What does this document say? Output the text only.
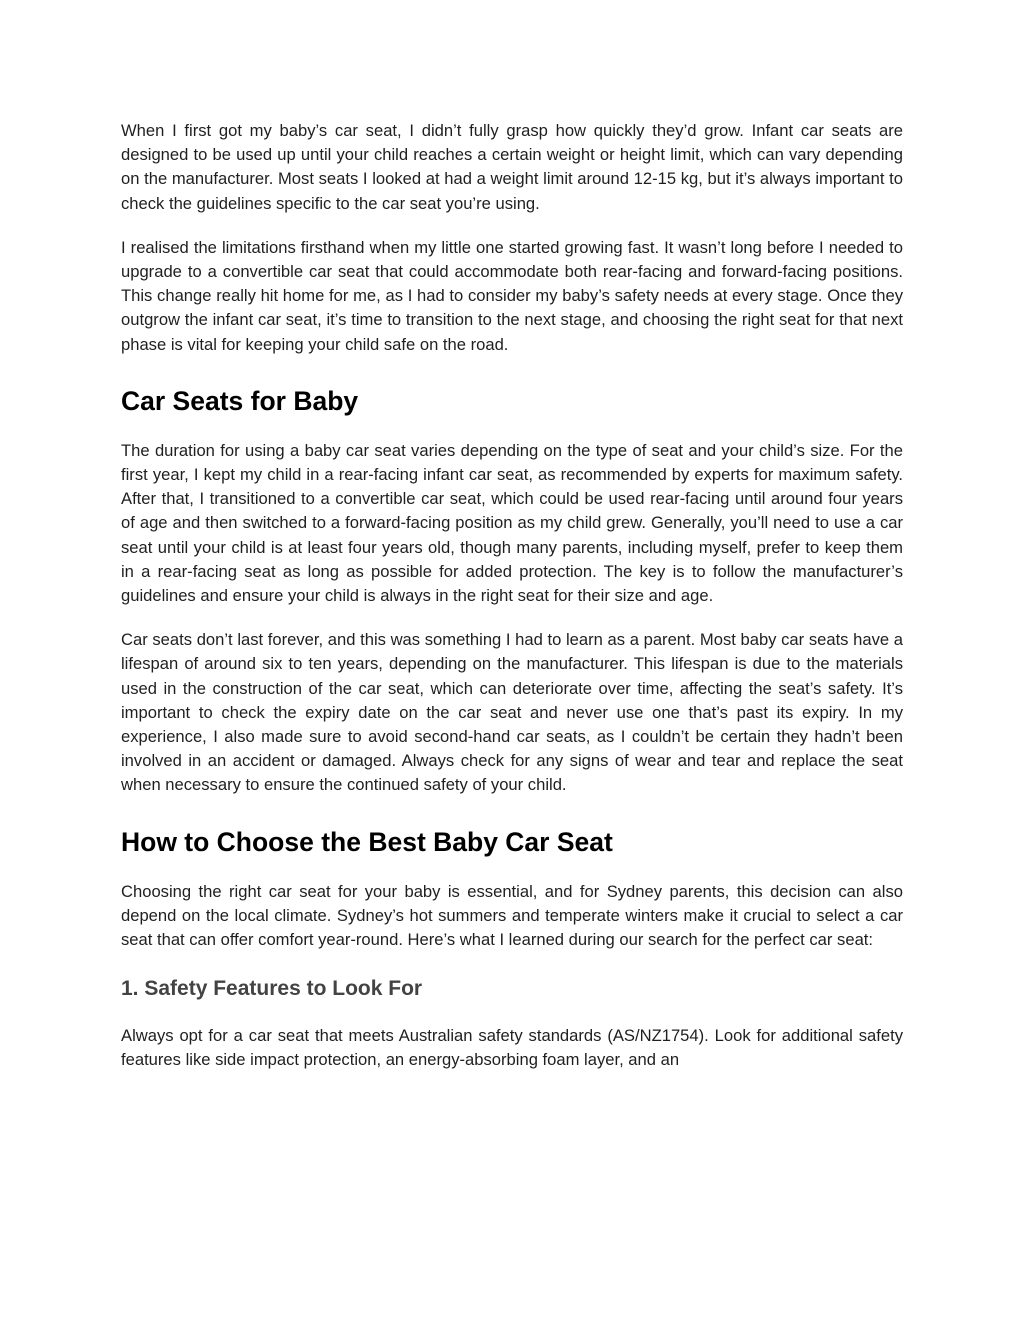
When I first got my baby’s car seat, I didn’t fully grasp how quickly they’d grow. Infant car seats are designed to be used up until your child reaches a certain weight or height limit, which can vary depending on the manufacturer. Most seats I looked at had a weight limit around 12-15 kg, but it’s always important to check the guidelines specific to the car seat you’re using.

I realised the limitations firsthand when my little one started growing fast. It wasn’t long before I needed to upgrade to a convertible car seat that could accommodate both rear-facing and forward-facing positions. This change really hit home for me, as I had to consider my baby’s safety needs at every stage. Once they outgrow the infant car seat, it’s time to transition to the next stage, and choosing the right seat for that next phase is vital for keeping your child safe on the road.

Car Seats for Baby

The duration for using a baby car seat varies depending on the type of seat and your child’s size. For the first year, I kept my child in a rear-facing infant car seat, as recommended by experts for maximum safety. After that, I transitioned to a convertible car seat, which could be used rear-facing until around four years of age and then switched to a forward-facing position as my child grew. Generally, you’ll need to use a car seat until your child is at least four years old, though many parents, including myself, prefer to keep them in a rear-facing seat as long as possible for added protection. The key is to follow the manufacturer’s guidelines and ensure your child is always in the right seat for their size and age.

Car seats don’t last forever, and this was something I had to learn as a parent. Most baby car seats have a lifespan of around six to ten years, depending on the manufacturer. This lifespan is due to the materials used in the construction of the car seat, which can deteriorate over time, affecting the seat’s safety. It’s important to check the expiry date on the car seat and never use one that’s past its expiry. In my experience, I also made sure to avoid second-hand car seats, as I couldn’t be certain they hadn’t been involved in an accident or damaged. Always check for any signs of wear and tear and replace the seat when necessary to ensure the continued safety of your child.

How to Choose the Best Baby Car Seat

Choosing the right car seat for your baby is essential, and for Sydney parents, this decision can also depend on the local climate. Sydney’s hot summers and temperate winters make it crucial to select a car seat that can offer comfort year-round. Here’s what I learned during our search for the perfect car seat:

1. Safety Features to Look For

Always opt for a car seat that meets Australian safety standards (AS/NZ1754). Look for additional safety features like side impact protection, an energy-absorbing foam layer, and an
